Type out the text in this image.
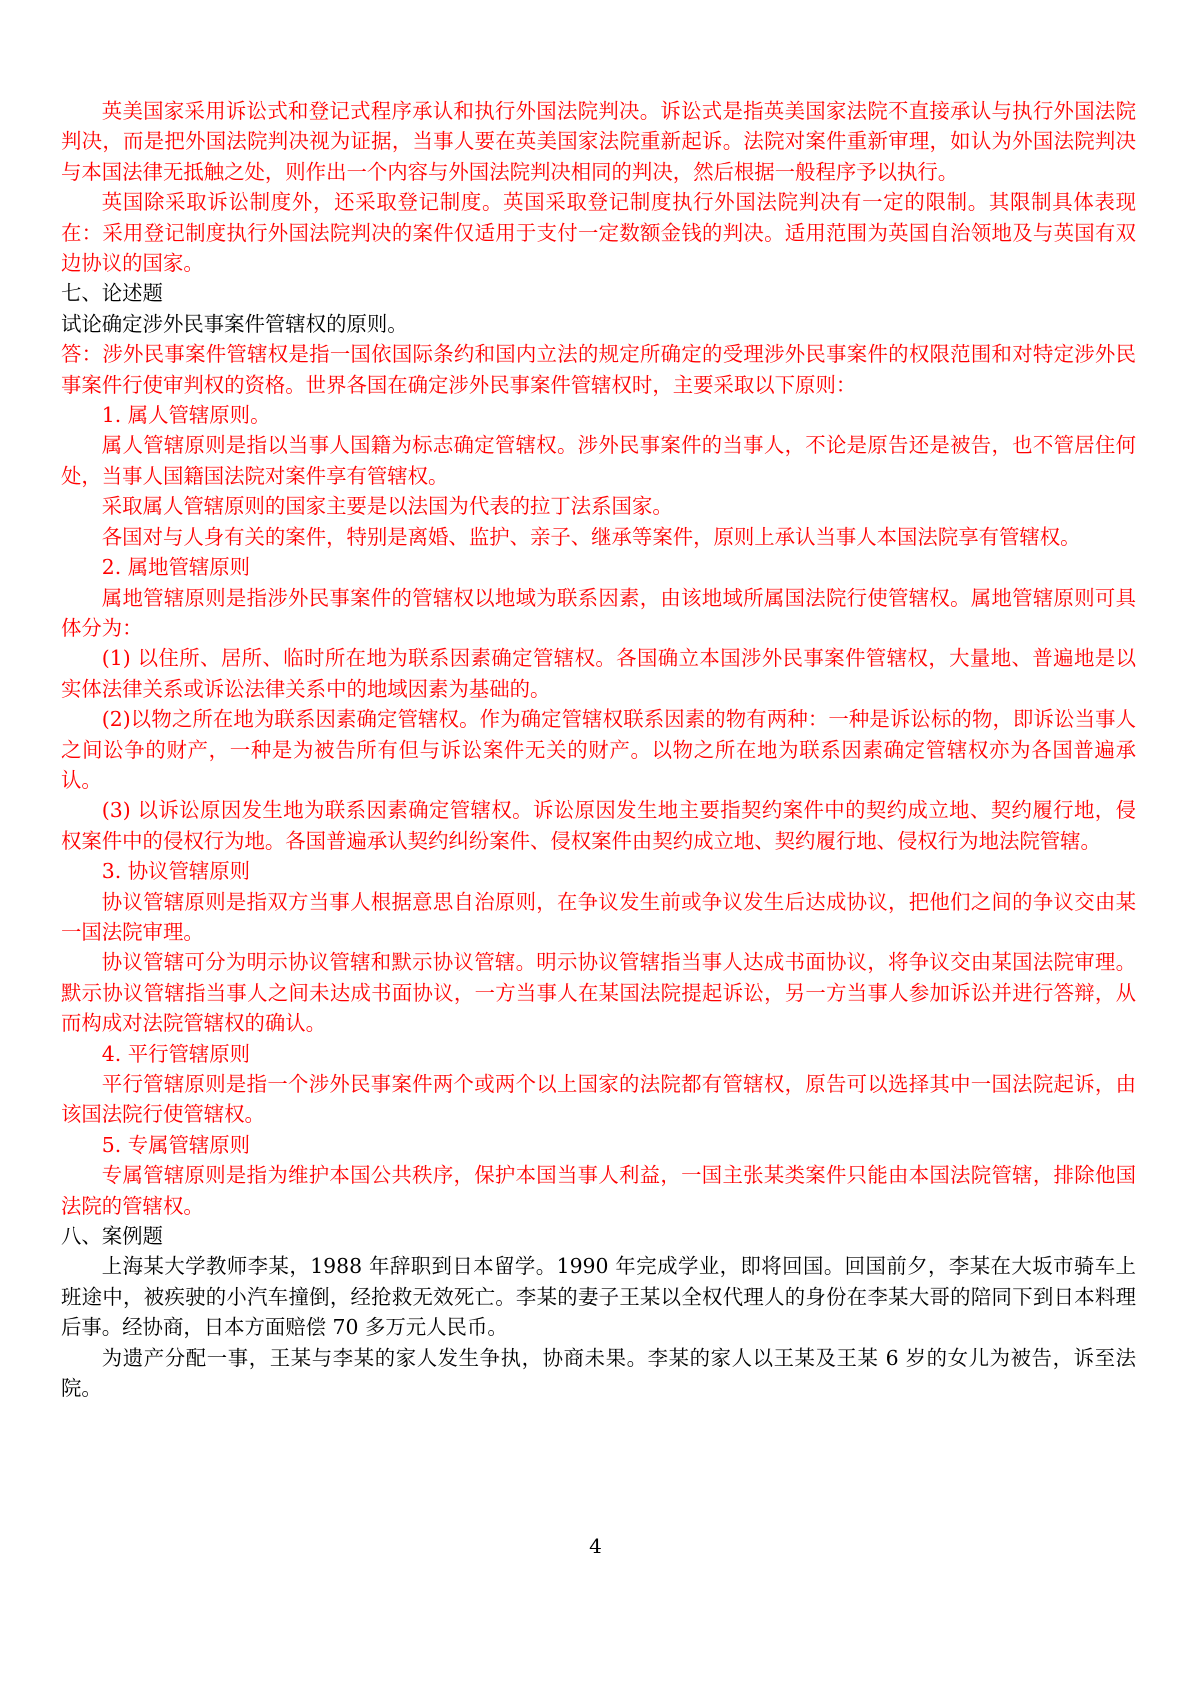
英美国家采用诉讼式和登记式程序承认和执行外国法院判决。诉讼式是指英美国家法院不直接承认与执行外国法院判决，而是把外国法院判决视为证据，当事人要在英美国家法院重新起诉。法院对案件重新审理，如认为外国法院判决与本国法律无抵触之处，则作出一个内容与外国法院判决相同的判决，然后根据一般程序予以执行。

英国除采取诉讼制度外，还采取登记制度。英国采取登记制度执行外国法院判决有一定的限制。其限制具体表现在：采用登记制度执行外国法院判决的案件仅适用于支付一定数额金钱的判决。适用范围为英国自治领地及与英国有双边协议的国家。

七、论述题

试论确定涉外民事案件管辖权的原则。

答：涉外民事案件管辖权是指一国依国际条约和国内立法的规定所确定的受理涉外民事案件的权限范围和对特定涉外民事案件行使审判权的资格。世界各国在确定涉外民事案件管辖权时，主要采取以下原则：

1. 属人管辖原则。

属人管辖原则是指以当事人国籍为标志确定管辖权。涉外民事案件的当事人，不论是原告还是被告，也不管居住何处，当事人国籍国法院对案件享有管辖权。

采取属人管辖原则的国家主要是以法国为代表的拉丁法系国家。

各国对与人身有关的案件，特别是离婚、监护、亲子、继承等案件，原则上承认当事人本国法院享有管辖权。

2. 属地管辖原则

属地管辖原则是指涉外民事案件的管辖权以地域为联系因素，由该地域所属国法院行使管辖权。属地管辖原则可具体分为：

(1) 以住所、居所、临时所在地为联系因素确定管辖权。各国确立本国涉外民事案件管辖权，大量地、普遍地是以实体法律关系或诉讼法律关系中的地域因素为基础的。

(2)以物之所在地为联系因素确定管辖权。作为确定管辖权联系因素的物有两种：一种是诉讼标的物，即诉讼当事人之间讼争的财产，一种是为被告所有但与诉讼案件无关的财产。以物之所在地为联系因素确定管辖权亦为各国普遍承认。

(3) 以诉讼原因发生地为联系因素确定管辖权。诉讼原因发生地主要指契约案件中的契约成立地、契约履行地，侵权案件中的侵权行为地。各国普遍承认契约纠纷案件、侵权案件由契约成立地、契约履行地、侵权行为地法院管辖。

3. 协议管辖原则

协议管辖原则是指双方当事人根据意思自治原则，在争议发生前或争议发生后达成协议，把他们之间的争议交由某一国法院审理。

协议管辖可分为明示协议管辖和默示协议管辖。明示协议管辖指当事人达成书面协议，将争议交由某国法院审理。默示协议管辖指当事人之间未达成书面协议，一方当事人在某国法院提起诉讼，另一方当事人参加诉讼并进行答辩，从而构成对法院管辖权的确认。

4. 平行管辖原则

平行管辖原则是指一个涉外民事案件两个或两个以上国家的法院都有管辖权，原告可以选择其中一国法院起诉，由该国法院行使管辖权。

5. 专属管辖原则

专属管辖原则是指为维护本国公共秩序，保护本国当事人利益，一国主张某类案件只能由本国法院管辖，排除他国法院的管辖权。

八、案例题

上海某大学教师李某，1988 年辞职到日本留学。1990 年完成学业，即将回国。回国前夕，李某在大坂市骑车上班途中，被疾驶的小汽车撞倒，经抢救无效死亡。李某的妻子王某以全权代理人的身份在李某大哥的陪同下到日本料理后事。经协商，日本方面赔偿 70 多万元人民币。

为遗产分配一事，王某与李某的家人发生争执，协商未果。李某的家人以王某及王某 6 岁的女儿为被告，诉至法院。

4
